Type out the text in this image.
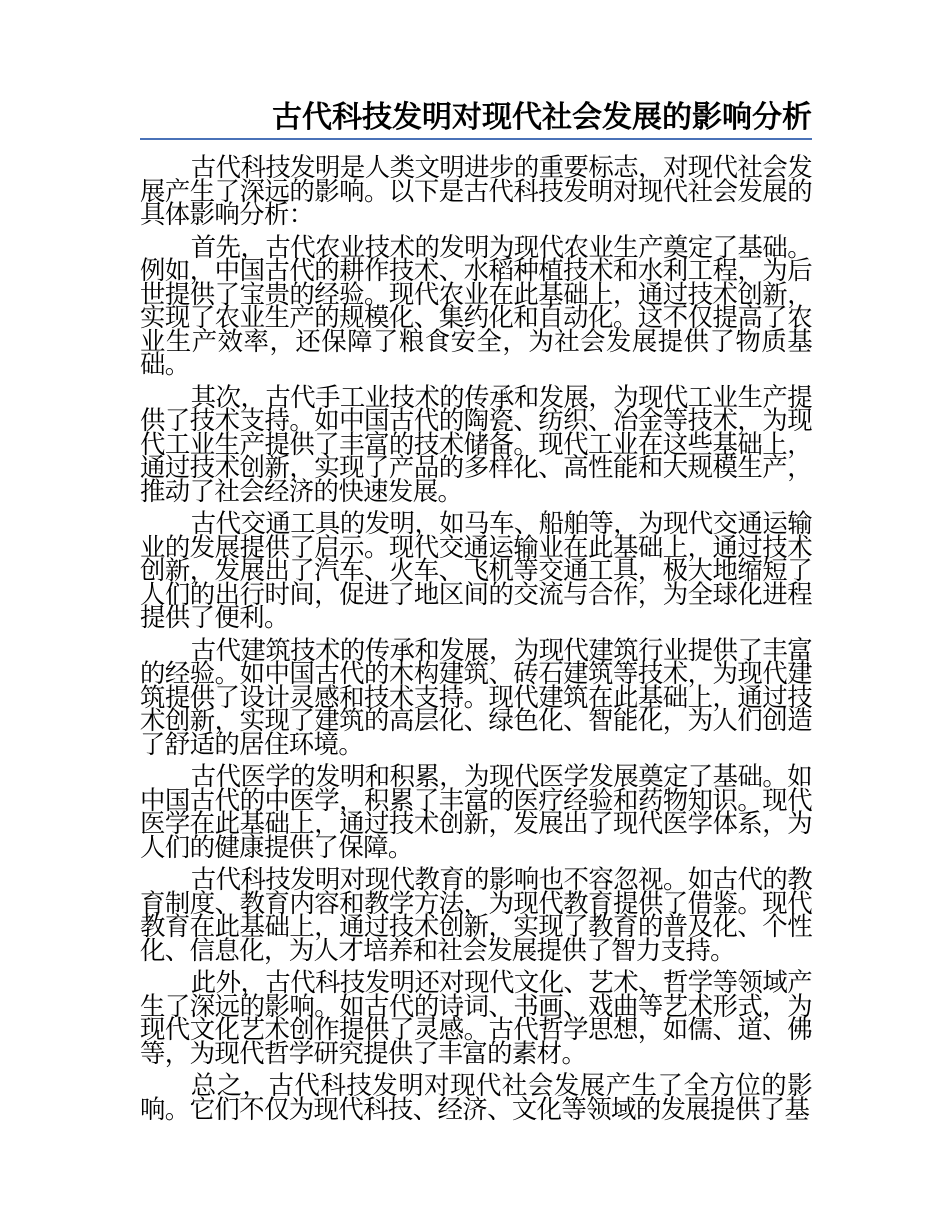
古代科技发明对现代社会发展的影响分析

古代科技发明是人类文明进步的重要标志，对现代社会发展产生了深远的影响。以下是古代科技发明对现代社会发展的具体影响分析：

首先，古代农业技术的发明为现代农业生产奠定了基础。例如，中国古代的耕作技术、水稻种植技术和水利工程，为后世提供了宝贵的经验。现代农业在此基础上，通过技术创新，实现了农业生产的规模化、集约化和自动化。这不仅提高了农业生产效率，还保障了粮食安全，为社会发展提供了物质基础。

其次，古代手工业技术的传承和发展，为现代工业生产提供了技术支持。如中国古代的陶瓷、纺织、冶金等技术，为现代工业生产提供了丰富的技术储备。现代工业在这些基础上，通过技术创新，实现了产品的多样化、高性能和大规模生产，推动了社会经济的快速发展。

古代交通工具的发明，如马车、船舶等，为现代交通运输业的发展提供了启示。现代交通运输业在此基础上，通过技术创新，发展出了汽车、火车、飞机等交通工具，极大地缩短了人们的出行时间，促进了地区间的交流与合作，为全球化进程提供了便利。

古代建筑技术的传承和发展，为现代建筑行业提供了丰富的经验。如中国古代的木构建筑、砖石建筑等技术，为现代建筑提供了设计灵感和技术支持。现代建筑在此基础上，通过技术创新，实现了建筑的高层化、绿色化、智能化，为人们创造了舒适的居住环境。

古代医学的发明和积累，为现代医学发展奠定了基础。如中国古代的中医学，积累了丰富的医疗经验和药物知识。现代医学在此基础上，通过技术创新，发展出了现代医学体系，为人们的健康提供了保障。

古代科技发明对现代教育的影响也不容忽视。如古代的教育制度、教育内容和教学方法，为现代教育提供了借鉴。现代教育在此基础上，通过技术创新，实现了教育的普及化、个性化、信息化，为人才培养和社会发展提供了智力支持。

此外，古代科技发明还对现代文化、艺术、哲学等领域产生了深远的影响。如古代的诗词、书画、戏曲等艺术形式，为现代文化艺术创作提供了灵感。古代哲学思想，如儒、道、佛等，为现代哲学研究提供了丰富的素材。

总之，古代科技发明对现代社会发展产生了全方位的影响。它们不仅为现代科技、经济、文化等领域的发展提供了基
